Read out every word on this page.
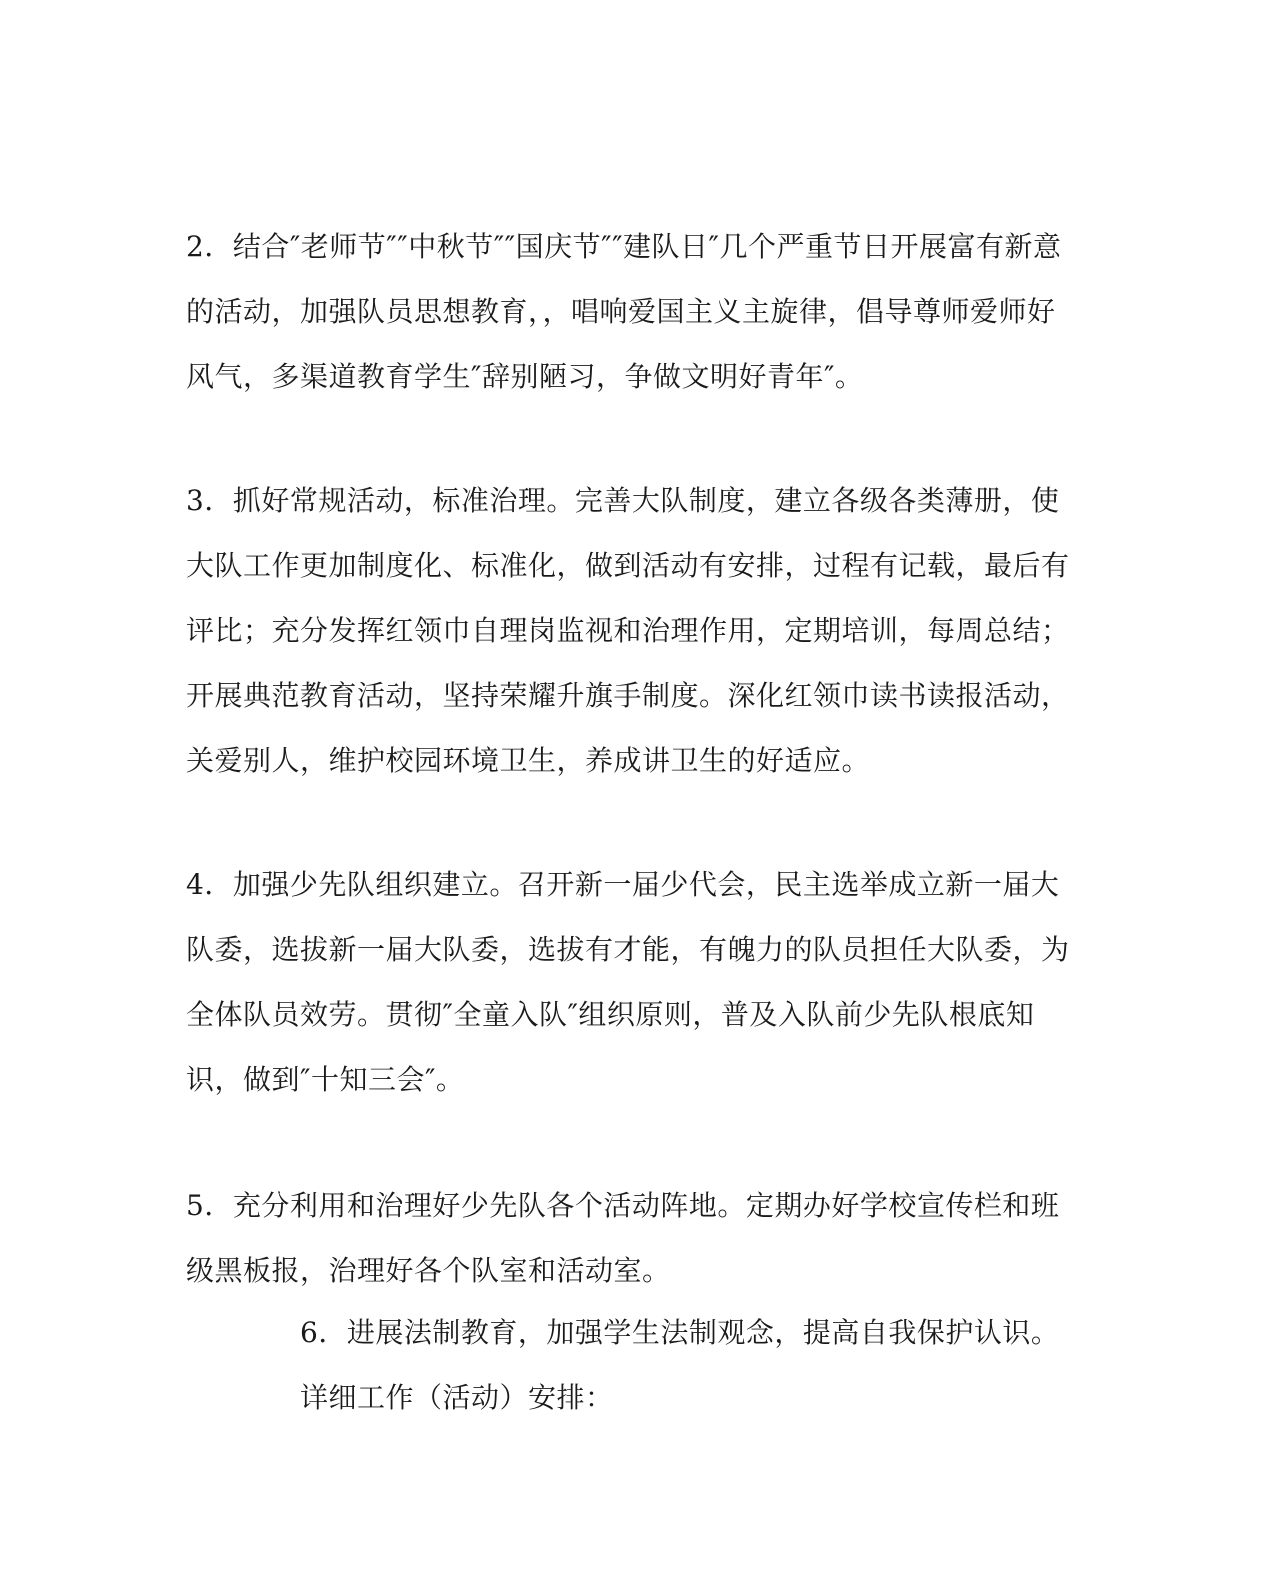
2．结合″老师节″″中秋节″″国庆节″″建队日″几个严重节日开展富有新意的活动，加强队员思想教育，，唱响爱国主义主旋律，倡导尊师爱师好风气，多渠道教育学生″辞别陋习，争做文明好青年″。

3．抓好常规活动，标准治理。完善大队制度，建立各级各类薄册，使大队工作更加制度化、标准化，做到活动有安排，过程有记载，最后有评比；充分发挥红领巾自理岗监视和治理作用，定期培训，每周总结；开展典范教育活动，坚持荣耀升旗手制度。深化红领巾读书读报活动，关爱别人，维护校园环境卫生，养成讲卫生的好适应。

4．加强少先队组织建立。召开新一届少代会，民主选举成立新一届大队委，选拔新一届大队委，选拔有才能，有魄力的队员担任大队委，为全体队员效劳。贯彻″全童入队″组织原则，普及入队前少先队根底知识，做到″十知三会″。

5．充分利用和治理好少先队各个活动阵地。定期办好学校宣传栏和班级黑板报，治理好各个队室和活动室。

6．进展法制教育，加强学生法制观念，提高自我保护认识。

详细工作（活动）安排：
